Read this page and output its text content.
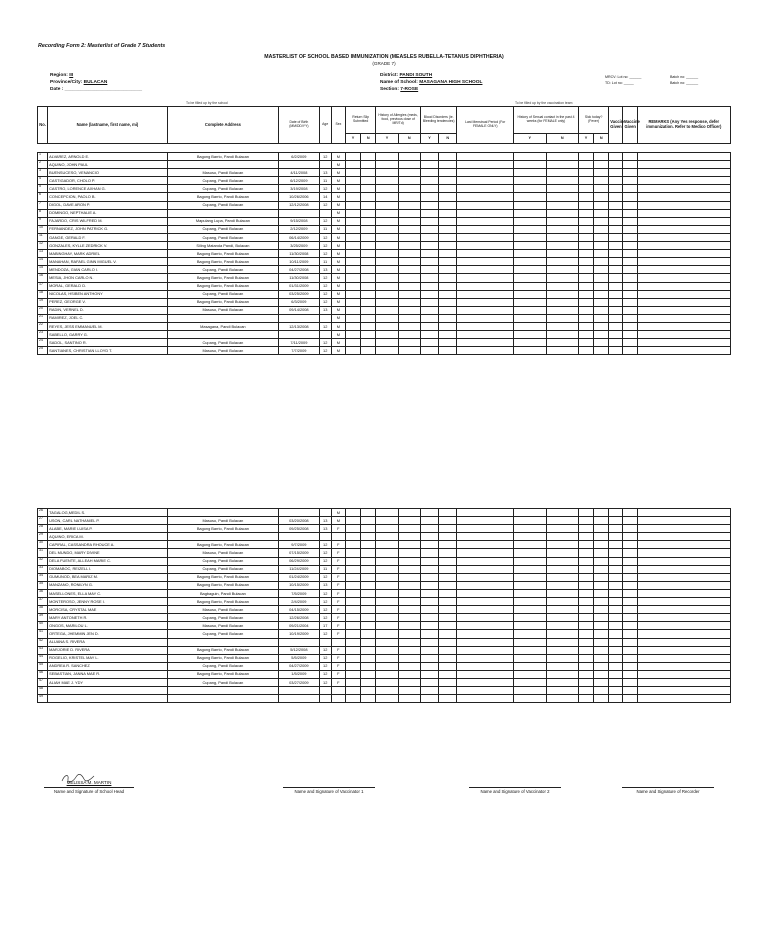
Recording Form 2: Masterlist of Grade 7 Students
MASTERLIST OF SCHOOL BASED IMMUNIZATION (MEASLES RUBELLA-TETANUS DIPHTHERIA)
(GRADE 7)
Region: III
Province/City: BULACAN
Date : _____________________________
District: PANDI SOUTH
Name of School: MASAGANA HIGH SCHOOL
Section: 7-ROSE
MRCV: Lot no: ______
TD: Lot no: _____
Batch no: ______
Batch no: ______
To be filled up by the school	To be filled up by the vaccination team
No.	Name (lastname, first name, mi)	Complete Address	Date of Birth (MM/DD/YY)	Age	Sex	Return Slip Submitted		History of Allergies (meds, food, previous dose of MR/Td)		Blood Disorders (ie. Bleeding tendencies)		Last Menstrual Period (For FEMALE ONLY)	History of Sexual contact in the past 4 weeks (for FEMALE only)		Sick today? (Fever)		Vaccine Given	Vaccine Given	REMARKS (Any Yes response, defer immunization. Refer to Medico Officer)
						Y	N	Y	N	Y	N		Y	N	Y	N			
1	ALVAREZ, ARNOLD E.	Bagong Barrio, Pandi Bulacan	6/2/2009	12	M														
2	AQUINO, JOHN PAUL				M														
3	BUENSUCESO, VENANCIO	Masuso, Pandi Bulacan	4/11/2008	13	M														
4	CASTIGADOR, CHOLO P.	Cupang, Pandi Bulacan	6/12/2009	11	M														
5	CASTRO, LORENCE AXHAN G.	Cupang, Pandi Bulacan	3/19/2008	12	M														
6	CONCEPCION, PAOLO B.	Bagong Barrio, Pandi Bulacan	10/26/2006	14	M														
7	DIGOL, DAVE ARON P.	Cupang, Pandi Bulacan	12/12/2008	12	M														
8	DOMINGO, NEPTHALIE A.				M														
9	FAJARDO, CRIS WILFRED M.	Mapulang Lupa, Pandi Bulacan	9/15/2008	12	M														
10	FERNANDEZ, JOHN PATRICK G.	Cupang, Pandi Bulacan	2/12/2009	11	M														
11	GANGE, GERALD F.	Cupang, Pandi Bulacan	06/14/2009	12	M														
12	GONZALES, KYLLE ZEDRICK V.	Siling Matanda Pandi, Bulacan	3/25/2009	12	M														
13	MABINGHAY, MARK ADRIEL	Bagong Barrio, Pandi Bulacan	11/30/2008	12	M														
14	MANAHAN, RAFAEL GINN MIGUEL V.	Bagong Barrio, Pandi Bulacan	10/11/2009	11	M														
15	MENDOZA, GIAN CARLO I.	Cupang, Pandi Bulacan	04/27/2008	13	M														
16	MESIA, JHON CARLO N.	Bagong Barrio, Pandi Bulacan	11/30/2008	12	M														
17	MORAL, GERALD D.	Bagong Barrio, Pandi Bulacan	01/31/2009	12	M														
18	NICOLAS, HSIBEN ANTHONY	Cupang, Pandi Bulacan	03/25/2009	12	M														
19	PEREZ, GEORGE V.	Bagong Barrio, Pandi Bulacan	6/3/2009	12	M														
20	RADIN, VERNEL D.	Masuso, Pandi Bulacan	09/14/2008	13	M														
21	RAMIREZ, JOEL C.				M														
22	REYES, JESS EMMANUEL M.	Masagana, Pandi Bulacan	12/13/2008	12	M														
23	SABELLO, GARRY G.				M														
24	SADOL, SANTINO R.	Cupang, Pandi Bulacan	7/11/2009	12	M														
25	SANTIANES, CHRISTIAN LLOYD T.	Masuso, Pandi Bulacan	7/7/2009	12	M														
26	TAGALOG,MEDIL S.				M														
27	USON, CARL NATHANIEL P.	Masuso, Pandi Bulacan	03/20/2008	13	M														
28	ALABE, MARIE LUISA P.	Bagong Barrio, Pandi Bulacan	09/25/2008	13	F														
29	AQUINO, ERICA M.																		
30	CAPIRAL, CASSANDRA RHOUCE A.	Bagong Barrio, Pandi Bulacan	9/7/2009	12	F														
31	DEL MUNDO, MARY DIVINE	Masuso, Pandi Bulacan	07/15/2009	12	F														
32	DELA FUENTE, ALLEAH MARIE C.	Cupang, Pandi Bulacan	06/29/2009	12	F														
33	DIOMABOC, REIZELL I.	Cupang, Pandi Bulacan	11/24/2009	11	F														
34	GUMUNOD, BEA MARIZ M.	Bagong Barrio, Pandi Bulacan	01/24/2009	12	F														
35	MANZANO, RONILYN G.	Bagong Barrio, Pandi Bulacan	10/15/2009	13	F														
36	MASELLONES, ELLA MAY C.	Bagbaguin, Pandi Bulacan	7/5/2009	12	F														
37	MONTEROSO, JENNY ROSE I.	Bagong Barrio, Pandi Bulacan	2/4/2009	12	F														
38	MORCISA, CRYSTAL MAE	Masuso, Pandi Bulacan	04/15/2009	12	F														
39	MARY ANTONETH R.	Cupang, Pandi Bulacan	12/26/2008	12	F														
40	ONGOS, MARILOU L.	Masuso, Pandi Bulacan	09/21/2004	17	F														
41	ORTEGA, JHEMMIN JEN D.	Cupang, Pandi Bulacan	10/19/2009	12	F														
42	ALUANA S. RIVERA																		
43	MARJORIE D. RIVERA	Bagong Barrio, Pandi Bulacan	5/12/2008	12	F														
44	ROGELIO, KRISTEL MAY L.	Bagong Barrio, Pandi Bulacan	5/5/2009	12	F														
45	ANDREA R. SANCHEZ	Cupang, Pandi Bulacan	04/27/2009	12	F														
46	SEBASTIAN, JANNA MAE R.	Bagong Barrio, Pandi Bulacan	1/5/2009	12	F														
47	ALIAH MAE J. YDY	Cupang, Pandi Bulacan	03/27/2009	12	F														
48																			
49																			
MELISSA M. MARTIN
Name and Signature of School Head	Name and Signature of Vaccinator 1	Name and Signature of Vaccinator 2	Name and Signature of Recorder
